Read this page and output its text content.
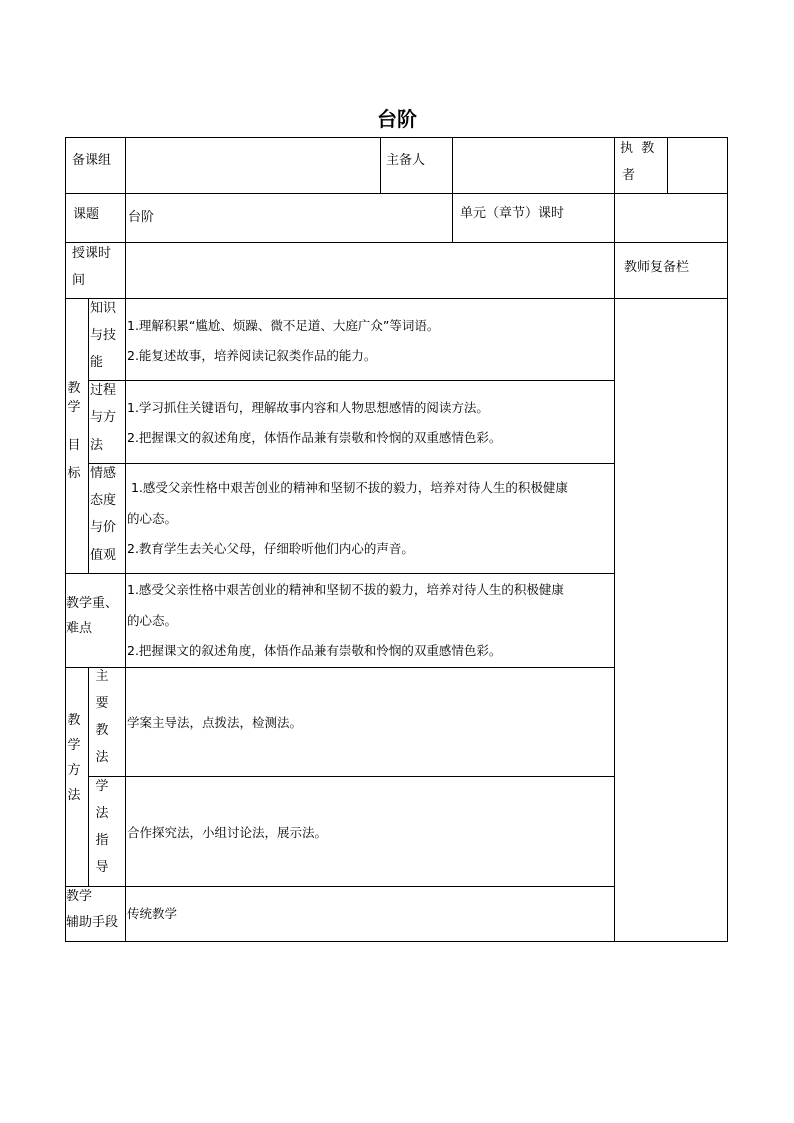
台阶
备课组	主备人
执  教
者
课题 台阶	单元（章节）课时
授课时
间
教师复备栏
教
学
目
标
知识
与技
能
1.理解积累“尴尬、烦躁、微不足道、大庭广众”等词语。
2.能复述故事，培养阅读记叙类作品的能力。
过程
与方
法
1.学习抓住关键语句，理解故事内容和人物思想感情的阅读方法。
2.把握课文的叙述角度，体悟作品兼有崇敬和怜悯的双重感情色彩。
情感
态度
与价
值观
1.感受父亲性格中艰苦创业的精神和坚韧不拔的毅力，培养对待人生的积极健康
的心态。
2.教育学生去关心父母，仔细聆听他们内心的声音。
教学重、
难点
1.感受父亲性格中艰苦创业的精神和坚韧不拔的毅力，培养对待人生的积极健康
的心态。
2.把握课文的叙述角度，体悟作品兼有崇敬和怜悯的双重感情色彩。
教
学
方
法
主
要
教
法
学案主导法，点拨法，检测法。
学
法
指
导
合作探究法，小组讨论法，展示法。
教学
辅助手段
传统教学
